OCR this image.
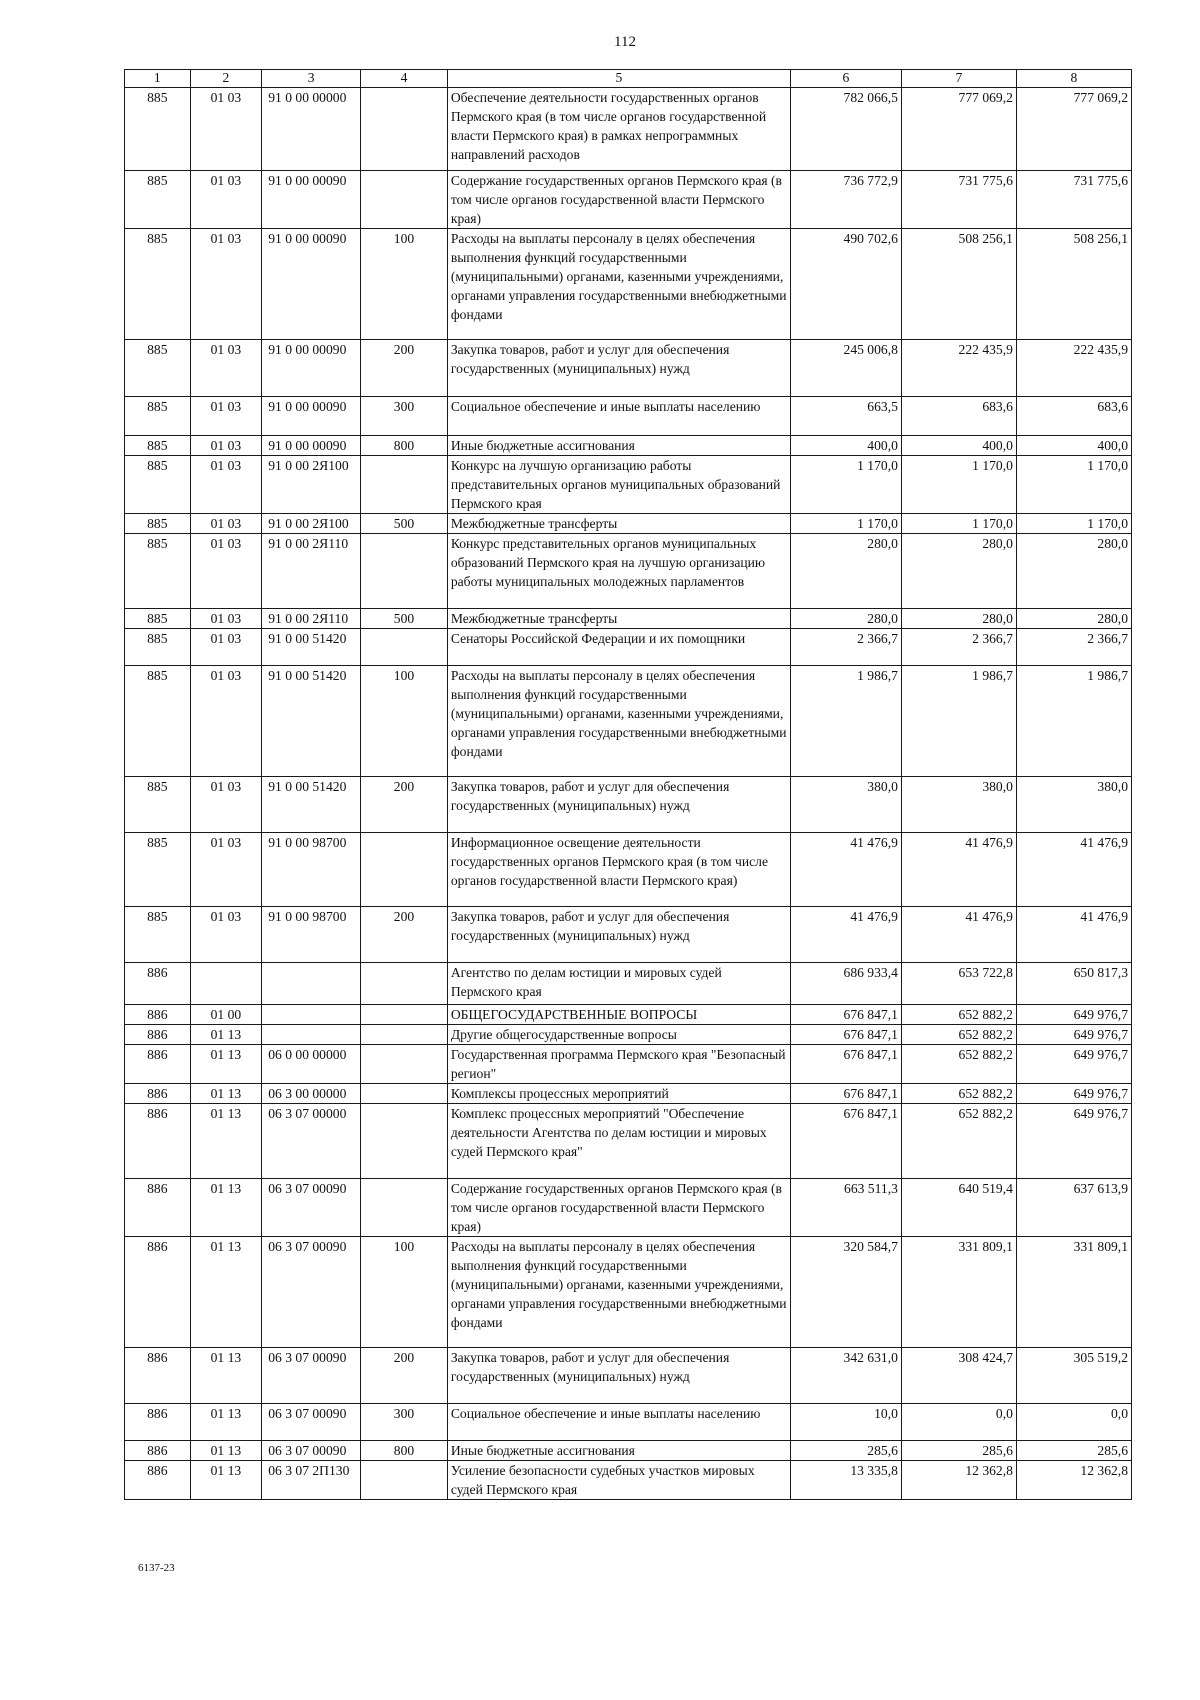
112
1	2	3	4	5	6	7	8
885	01 03	91 0 00 00000		Обеспечение деятельности государственных органов Пермского края (в том числе органов государственной власти Пермского края) в рамках непрограммных направлений расходов	782 066,5	777 069,2	777 069,2
885	01 03	91 0 00 00090		Содержание государственных органов Пермского края (в том числе органов государственной власти Пермского края)	736 772,9	731 775,6	731 775,6
885	01 03	91 0 00 00090	100	Расходы на выплаты персоналу в целях обеспечения выполнения функций государственными (муниципальными) органами, казенными учреждениями, органами управления государственными внебюджетными фондами	490 702,6	508 256,1	508 256,1
885	01 03	91 0 00 00090	200	Закупка товаров, работ и услуг для обеспечения государственных (муниципальных) нужд	245 006,8	222 435,9	222 435,9
885	01 03	91 0 00 00090	300	Социальное обеспечение и иные выплаты населению	663,5	683,6	683,6
885	01 03	91 0 00 00090	800	Иные бюджетные ассигнования	400,0	400,0	400,0
885	01 03	91 0 00 2Я100		Конкурс на лучшую организацию работы представительных органов муниципальных образований Пермского края	1 170,0	1 170,0	1 170,0
885	01 03	91 0 00 2Я100	500	Межбюджетные трансферты	1 170,0	1 170,0	1 170,0
885	01 03	91 0 00 2Я110		Конкурс представительных органов муниципальных образований Пермского края на лучшую организацию работы муниципальных молодежных парламентов	280,0	280,0	280,0
885	01 03	91 0 00 2Я110	500	Межбюджетные трансферты	280,0	280,0	280,0
885	01 03	91 0 00 51420		Сенаторы Российской Федерации и их помощники	2 366,7	2 366,7	2 366,7
885	01 03	91 0 00 51420	100	Расходы на выплаты персоналу в целях обеспечения выполнения функций государственными (муниципальными) органами, казенными учреждениями, органами управления государственными внебюджетными фондами	1 986,7	1 986,7	1 986,7
885	01 03	91 0 00 51420	200	Закупка товаров, работ и услуг для обеспечения государственных (муниципальных) нужд	380,0	380,0	380,0
885	01 03	91 0 00 98700		Информационное освещение деятельности государственных органов Пермского края (в том числе органов государственной власти Пермского края)	41 476,9	41 476,9	41 476,9
885	01 03	91 0 00 98700	200	Закупка товаров, работ и услуг для обеспечения государственных (муниципальных) нужд	41 476,9	41 476,9	41 476,9
886				Агентство по делам юстиции и мировых судей Пермского края	686 933,4	653 722,8	650 817,3
886	01 00			ОБЩЕГОСУДАРСТВЕННЫЕ ВОПРОСЫ	676 847,1	652 882,2	649 976,7
886	01 13			Другие общегосударственные вопросы	676 847,1	652 882,2	649 976,7
886	01 13	06 0 00 00000		Государственная программа Пермского края "Безопасный регион"	676 847,1	652 882,2	649 976,7
886	01 13	06 3 00 00000		Комплексы процессных мероприятий	676 847,1	652 882,2	649 976,7
886	01 13	06 3 07 00000		Комплекс процессных мероприятий "Обеспечение деятельности Агентства по делам юстиции и мировых судей Пермского края"	676 847,1	652 882,2	649 976,7
886	01 13	06 3 07 00090		Содержание государственных органов Пермского края (в том числе органов государственной власти Пермского края)	663 511,3	640 519,4	637 613,9
886	01 13	06 3 07 00090	100	Расходы на выплаты персоналу в целях обеспечения выполнения функций государственными (муниципальными) органами, казенными учреждениями, органами управления государственными внебюджетными фондами	320 584,7	331 809,1	331 809,1
886	01 13	06 3 07 00090	200	Закупка товаров, работ и услуг для обеспечения государственных (муниципальных) нужд	342 631,0	308 424,7	305 519,2
886	01 13	06 3 07 00090	300	Социальное обеспечение и иные выплаты населению	10,0	0,0	0,0
886	01 13	06 3 07 00090	800	Иные бюджетные ассигнования	285,6	285,6	285,6
886	01 13	06 3 07 2П130		Усиление безопасности судебных участков мировых судей Пермского края	13 335,8	12 362,8	12 362,8
6137-23
